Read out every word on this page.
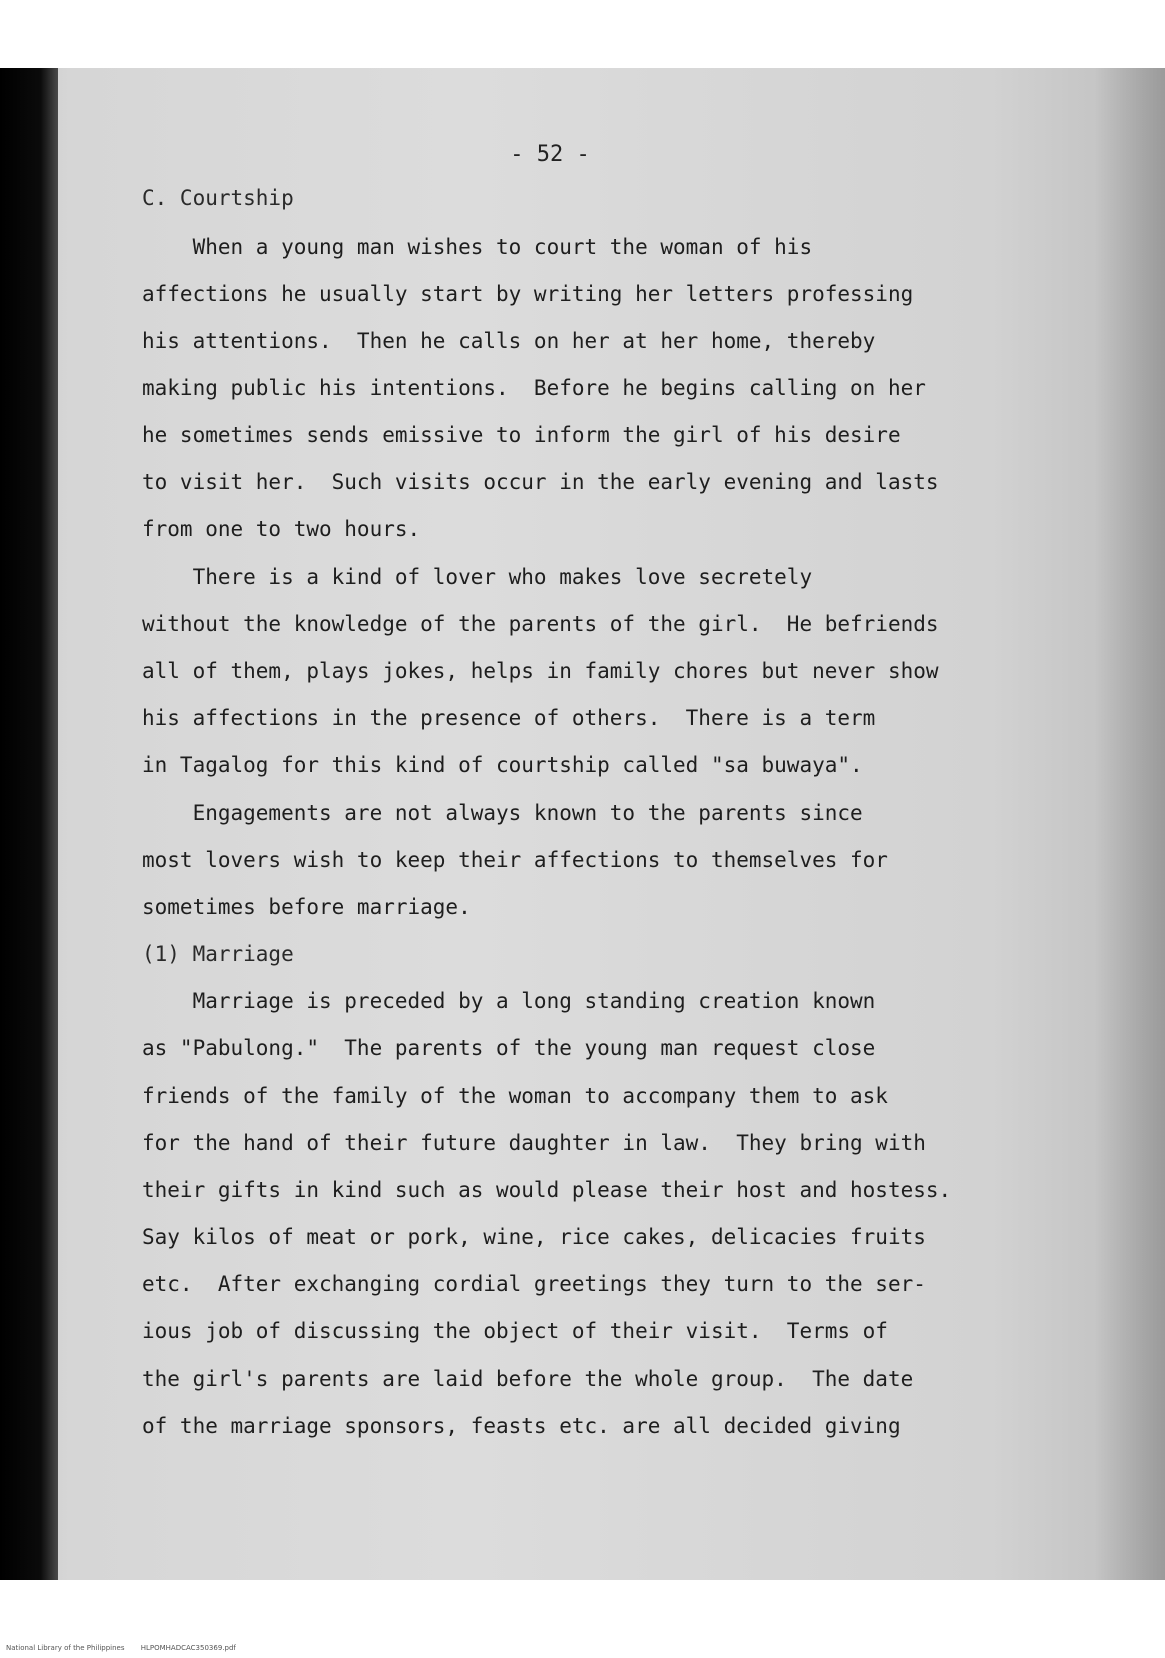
- 52 -
C. Courtship
When a young man wishes to court the woman of his
affections he usually start by writing her letters professing
his attentions.  Then he calls on her at her home, thereby
making public his intentions.  Before he begins calling on her
he sometimes sends emissive to inform the girl of his desire
to visit her.  Such visits occur in the early evening and lasts
from one to two hours.
There is a kind of lover who makes love secretely
without the knowledge of the parents of the girl.  He befriends
all of them, plays jokes, helps in family chores but never show
his affections in the presence of others.  There is a term
in Tagalog for this kind of courtship called "sa buwaya".
Engagements are not always known to the parents since
most lovers wish to keep their affections to themselves for
sometimes before marriage.
(1) Marriage
Marriage is preceded by a long standing creation known
as "Pabulong."  The parents of the young man request close
friends of the family of the woman to accompany them to ask
for the hand of their future daughter in law.  They bring with
their gifts in kind such as would please their host and hostess.
Say kilos of meat or pork, wine, rice cakes, delicacies fruits
etc.  After exchanging cordial greetings they turn to the ser-
ious job of discussing the object of their visit.  Terms of
the girl's parents are laid before the whole group.  The date
of the marriage sponsors, feasts etc. are all decided giving
National Library of the Philippines HLPOMHADCAC350369.pdf
